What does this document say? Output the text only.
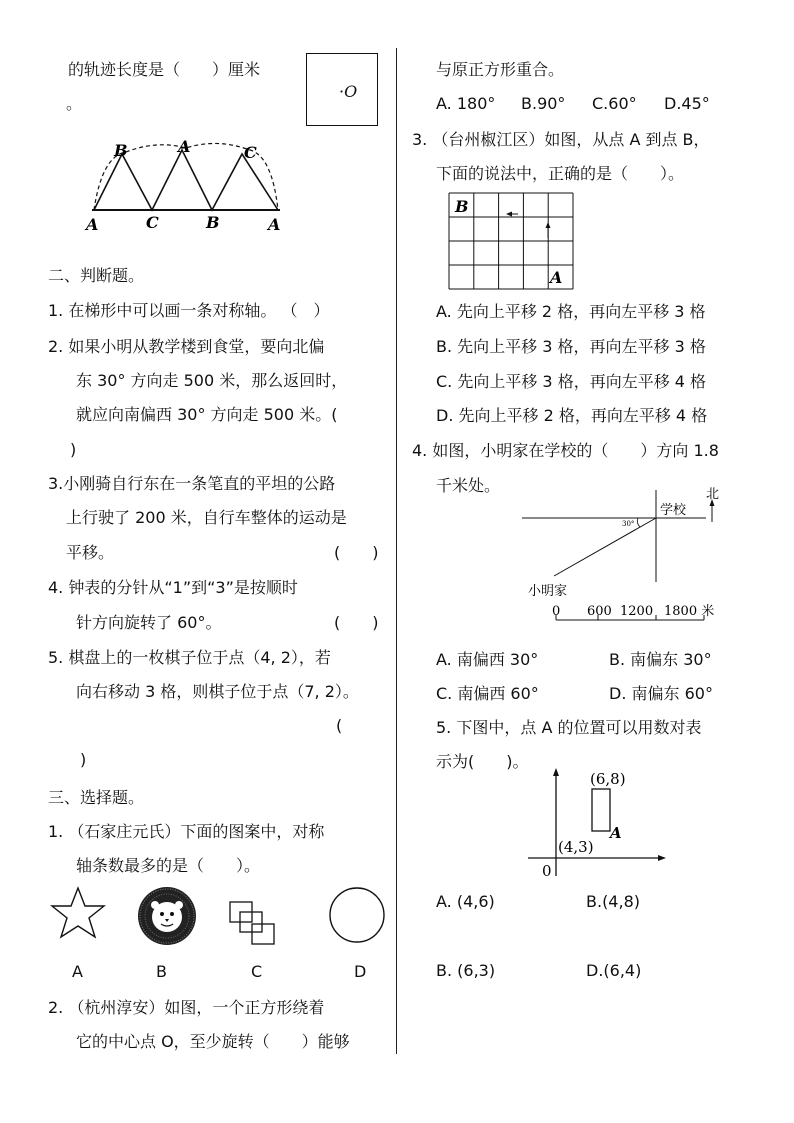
的轨迹长度是（　　）厘米
。
·O
B	A	C
A	C	B	A
二、判断题。
1. 在梯形中可以画一条对称轴。 （　）
2. 如果小明从教学楼到食堂，要向北偏
东 30° 方向走 500 米，那么返回时，
就应向南偏西 30° 方向走 500 米。(
)
3.小刚骑自行东在一条笔直的平坦的公路
上行驶了 200 米，自行车整体的运动是
平移。	(　　)
4. 钟表的分针从“1”到“3”是按顺时
针方向旋转了 60°。	(　　)
5. 棋盘上的一枚棋子位于点（4, 2），若
向右移动 3 格，则棋子位于点（7, 2）。
(
)
三、选择题。
1. （石家庄元氏）下面的图案中，对称
轴条数最多的是（　　）。
A	B	C	D
2. （杭州淳安）如图，一个正方形绕着
它的中心点 O，至少旋转（　　）能够
与原正方形重合。
A. 180° B.90° C.60° D.45°
3. （台州椒江区）如图，从点 A 到点 B，
下面的说法中，正确的是（　　）。
B
A
A. 先向上平移 2 格，再向左平移 3 格
B. 先向上平移 3 格，再向左平移 3 格
C. 先向上平移 3 格，再向左平移 4 格
D. 先向上平移 2 格，再向左平移 4 格
4. 如图，小明家在学校的（　　）方向 1.8
千米处。	北
学校
30°
小明家
0 600 1200 1800 米
A. 南偏西 30°	B. 南偏东 30°
C. 南偏西 60°	D. 南偏东 60°
5. 下图中，点 A 的位置可以用数对表
示为(　　)。
(6,8)
(4,3)
A
0
A. (4,6)	B.(4,8)
B. (6,3)	D.(6,4)
